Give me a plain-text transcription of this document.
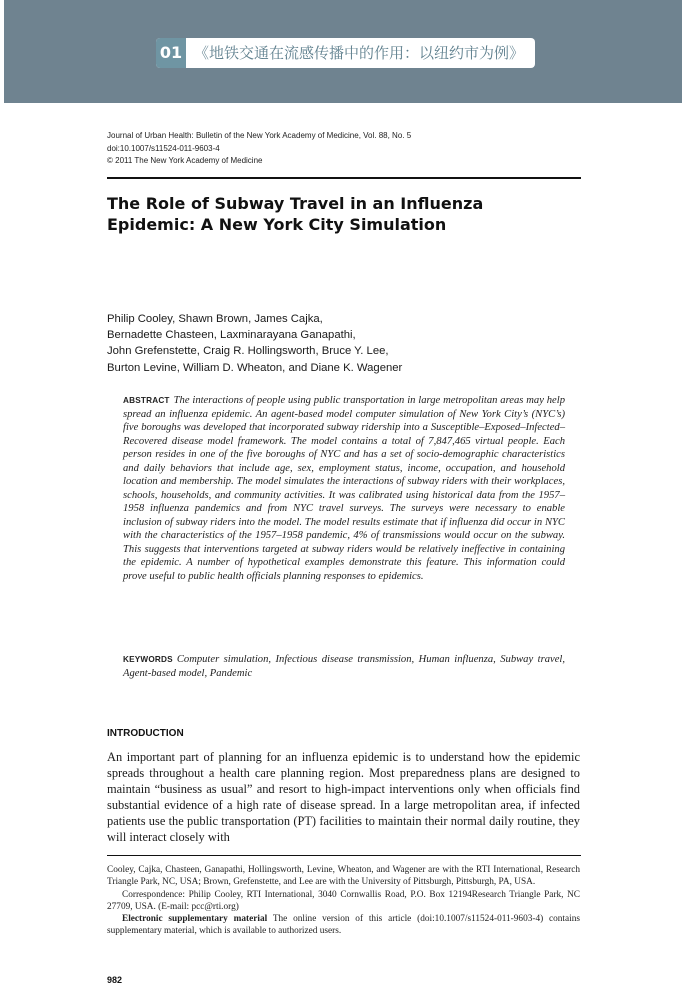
01 《地铁交通在流感传播中的作用：以纽约市为例》
Journal of Urban Health: Bulletin of the New York Academy of Medicine, Vol. 88, No. 5
doi:10.1007/s11524-011-9603-4
© 2011 The New York Academy of Medicine
The Role of Subway Travel in an Influenza
Epidemic: A New York City Simulation
Philip Cooley, Shawn Brown, James Cajka,
Bernadette Chasteen, Laxminarayana Ganapathi,
John Grefenstette, Craig R. Hollingsworth, Bruce Y. Lee,
Burton Levine, William D. Wheaton, and Diane K. Wagener
ABSTRACT The interactions of people using public transportation in large metropolitan areas may help spread an influenza epidemic. An agent-based model computer simulation of New York City’s (NYC’s) five boroughs was developed that incorporated subway ridership into a Susceptible–Exposed–Infected–Recovered disease model framework. The model contains a total of 7,847,465 virtual people. Each person resides in one of the five boroughs of NYC and has a set of socio-demographic characteristics and daily behaviors that include age, sex, employment status, income, occupation, and household location and membership. The model simulates the interactions of subway riders with their workplaces, schools, households, and community activities. It was calibrated using historical data from the 1957–1958 influenza pandemics and from NYC travel surveys. The surveys were necessary to enable inclusion of subway riders into the model. The model results estimate that if influenza did occur in NYC with the characteristics of the 1957–1958 pandemic, 4% of transmissions would occur on the subway. This suggests that interventions targeted at subway riders would be relatively ineffective in containing the epidemic. A number of hypothetical examples demonstrate this feature. This information could prove useful to public health officials planning responses to epidemics.
KEYWORDS Computer simulation, Infectious disease transmission, Human influenza, Subway travel, Agent-based model, Pandemic
INTRODUCTION
An important part of planning for an influenza epidemic is to understand how the epidemic spreads throughout a health care planning region. Most preparedness plans are designed to maintain “business as usual” and resort to high-impact interventions only when officials find substantial evidence of a high rate of disease spread. In a large metropolitan area, if infected patients use the public transportation (PT) facilities to maintain their normal daily routine, they will interact closely with

Cooley, Cajka, Chasteen, Ganapathi, Hollingsworth, Levine, Wheaton, and Wagener are with the RTI International, Research Triangle Park, NC, USA; Brown, Grefenstette, and Lee are with the University of Pittsburgh, Pittsburgh, PA, USA.

Correspondence: Philip Cooley, RTI International, 3040 Cornwallis Road, P.O. Box 12194Research Triangle Park, NC 27709, USA. (E-mail: pcc@rti.org)

Electronic supplementary material The online version of this article (doi:10.1007/s11524-011-9603-4) contains supplementary material, which is available to authorized users.

982
